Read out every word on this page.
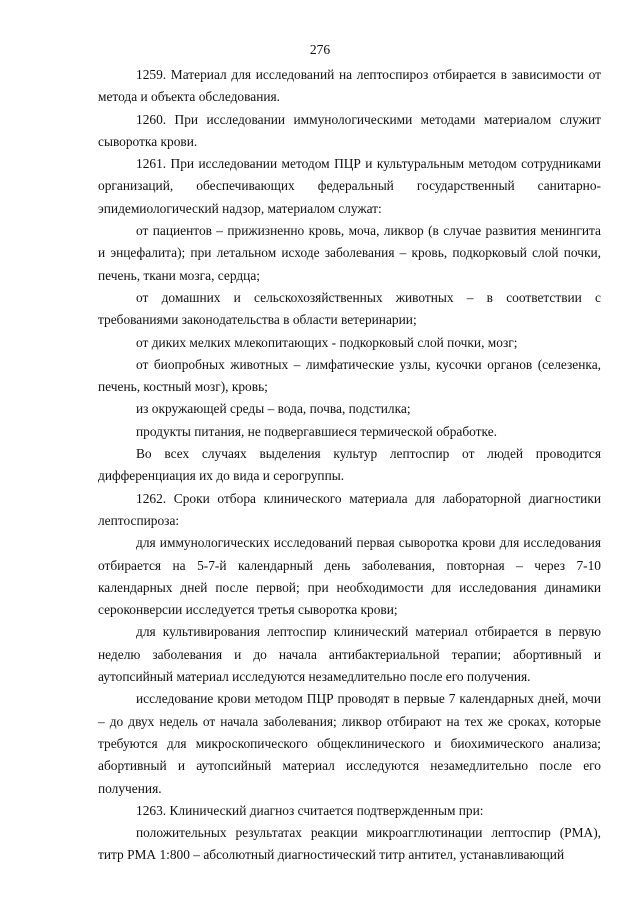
276

1259. Материал для исследований на лептоспироз отбирается в зависимости от метода и объекта обследования.

1260. При исследовании иммунологическими методами материалом служит сыворотка крови.

1261. При исследовании методом ПЦР и культуральным методом сотрудниками организаций, обеспечивающих федеральный государственный санитарно-эпидемиологический надзор, материалом служат:

от пациентов – прижизненно кровь, моча, ликвор (в случае развития менингита и энцефалита); при летальном исходе заболевания – кровь, подкорковый слой почки, печень, ткани мозга, сердца;

от домашних и сельскохозяйственных животных – в соответствии с требованиями законодательства в области ветеринарии;

от диких мелких млекопитающих - подкорковый слой почки, мозг;

от биопробных животных – лимфатические узлы, кусочки органов (селезенка, печень, костный мозг), кровь;

из окружающей среды – вода, почва, подстилка;

продукты питания, не подвергавшиеся термической обработке.

Во всех случаях выделения культур лептоспир от людей проводится дифференциация их до вида и серогруппы.

1262. Сроки отбора клинического материала для лабораторной диагностики лептоспироза:

для иммунологических исследований первая сыворотка крови для исследования отбирается на 5-7-й календарный день заболевания, повторная – через 7-10 календарных дней после первой; при необходимости для исследования динамики сероконверсии исследуется третья сыворотка крови;

для культивирования лептоспир клинический материал отбирается в первую неделю заболевания и до начала антибактериальной терапии; абортивный и аутопсийный материал исследуются незамедлительно после его получения.

исследование крови методом ПЦР проводят в первые 7 календарных дней, мочи – до двух недель от начала заболевания; ликвор отбирают на тех же сроках, которые требуются для микроскопического общеклинического и биохимического анализа; абортивный и аутопсийный материал исследуются незамедлительно после его получения.

1263. Клинический диагноз считается подтвержденным при:

положительных результатах реакции микроагглютинации лептоспир (РМА), титр РМА 1:800 – абсолютный диагностический титр антител, устанавливающий
